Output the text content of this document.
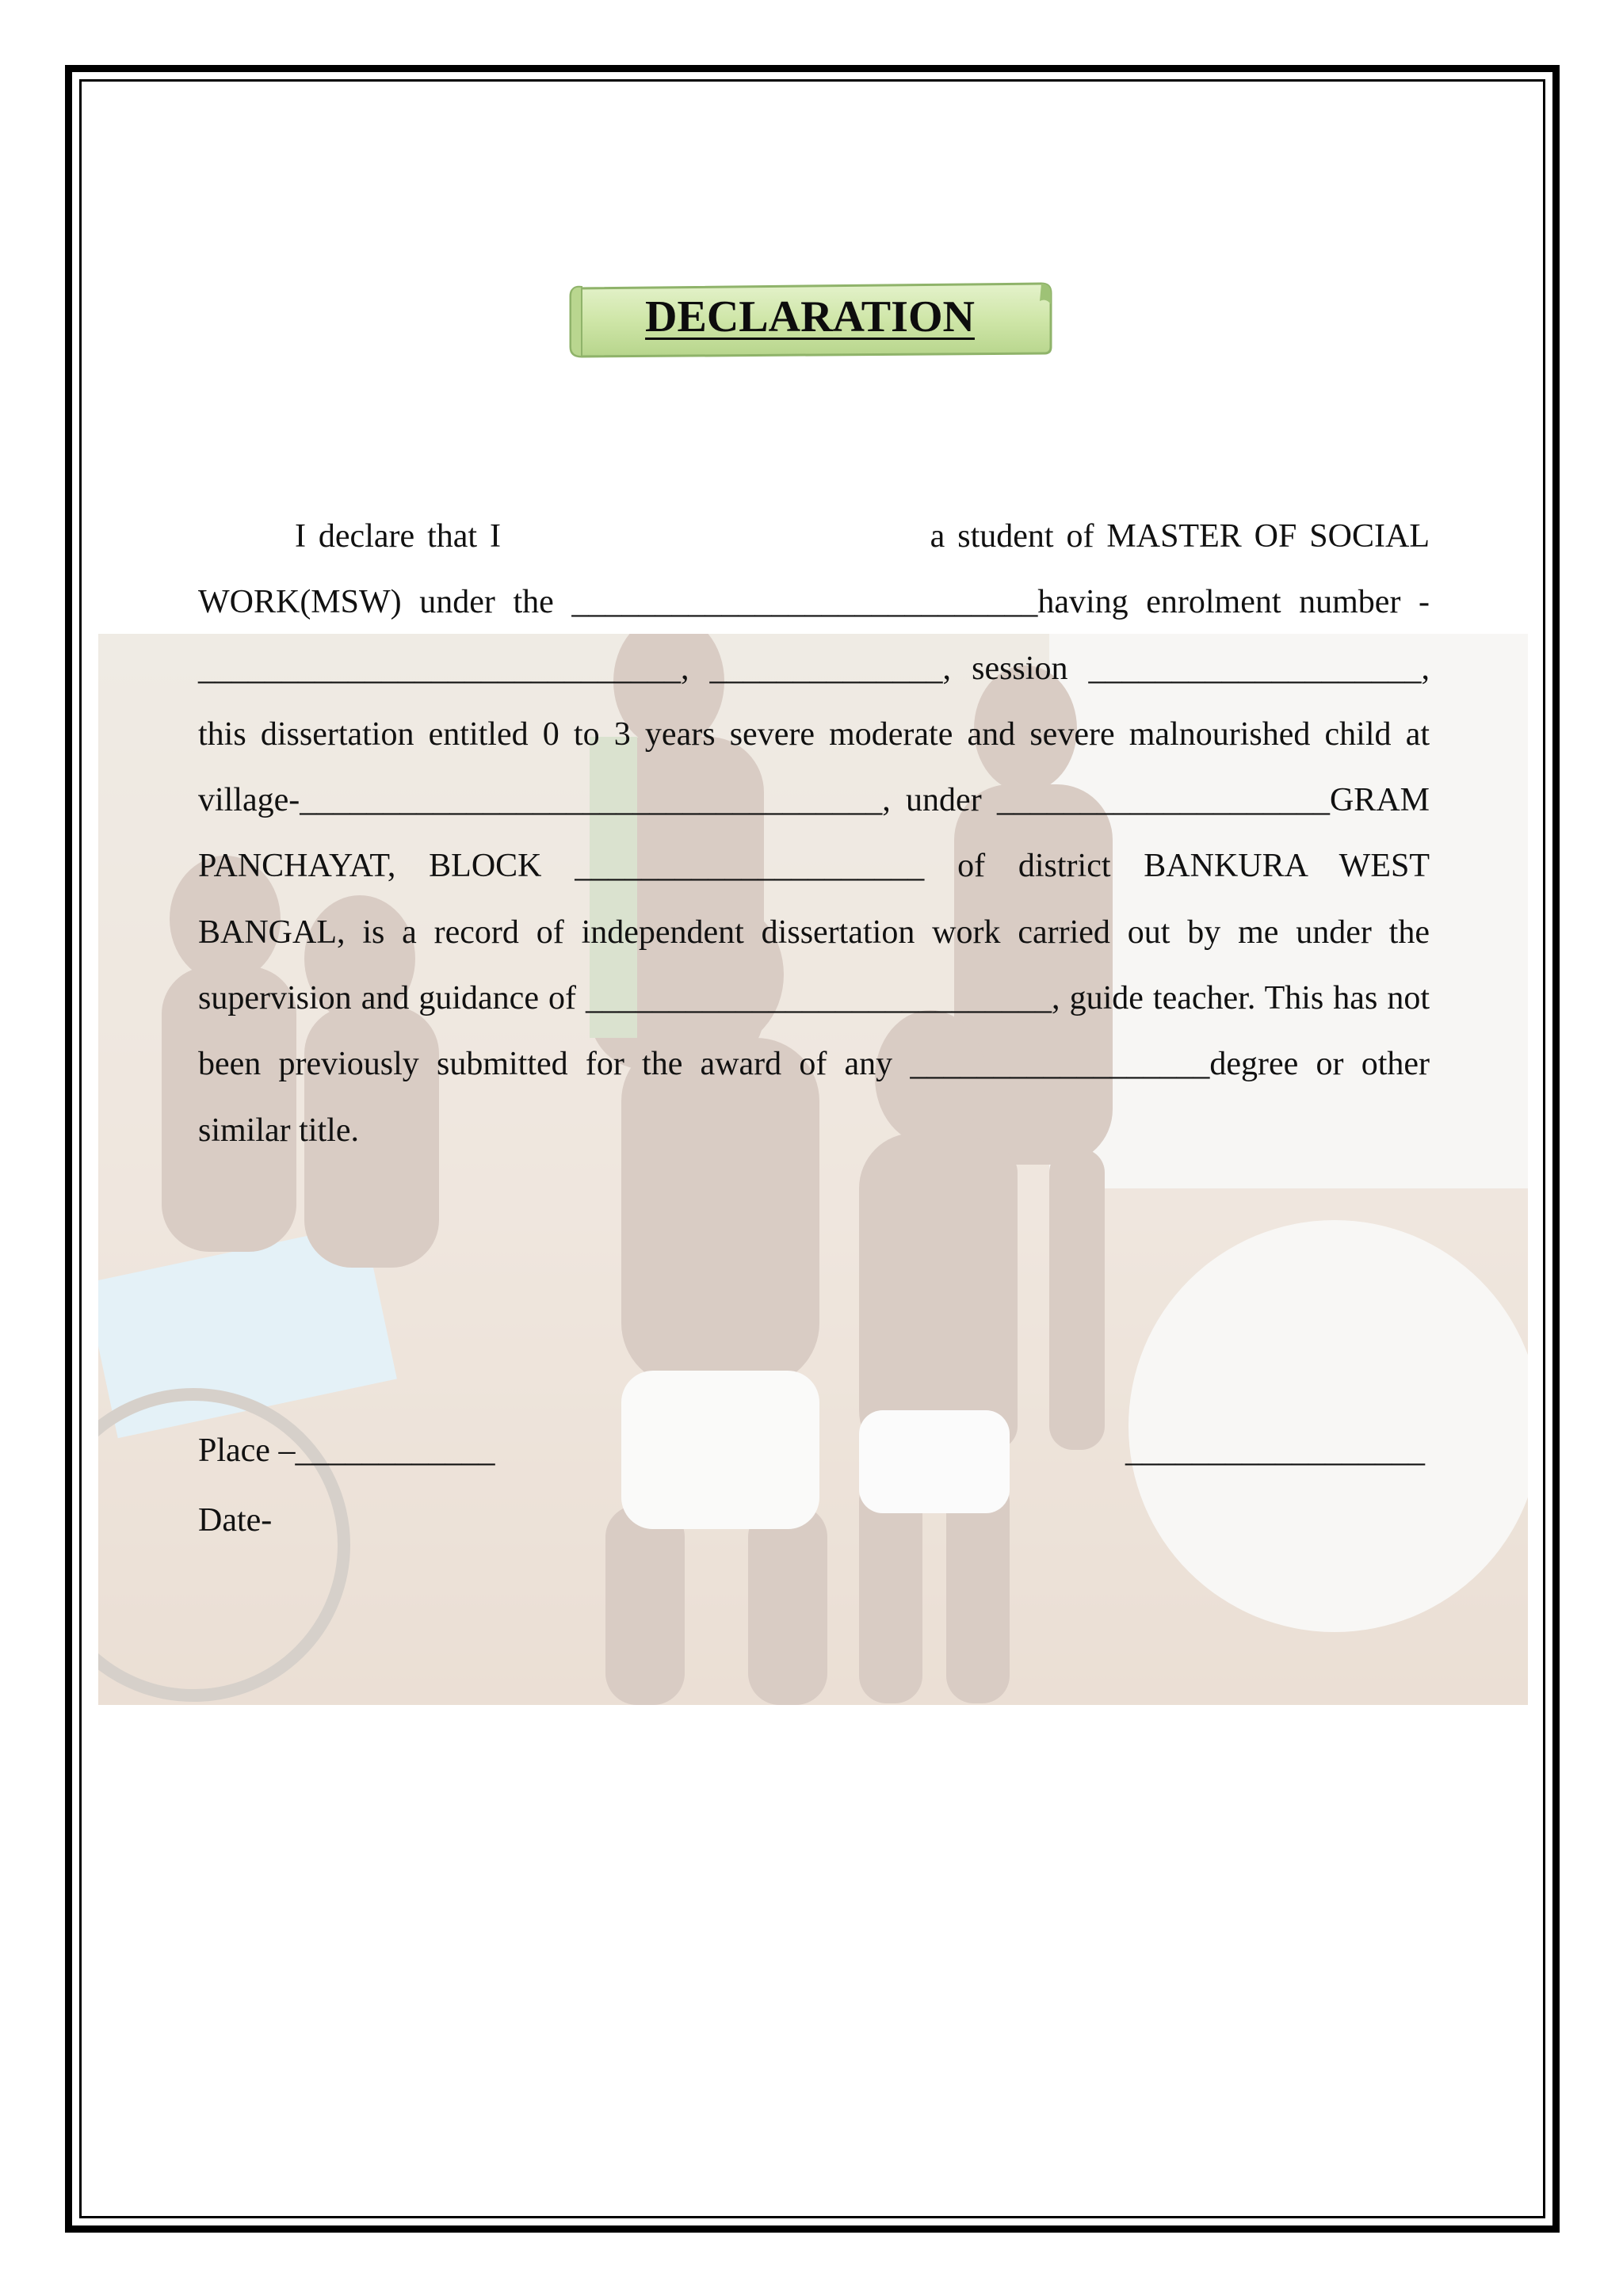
DECLARATION

I declare that I	a student of MASTER OF SOCIAL WORK(MSW) under the ____________________________having enrolment number -_____________________________, ______________, session ____________________, this dissertation entitled 0 to 3 years severe moderate and severe malnourished child at village-___________________________________, under ____________________GRAM PANCHAYAT, BLOCK _____________________ of district BANKURA WEST BANGAL, is a record of independent dissertation work carried out by me under the supervision and guidance of ____________________________, guide teacher. This has not been previously submitted for the award of any __________________degree or other similar title.

Place –____________	__________________
Date-
